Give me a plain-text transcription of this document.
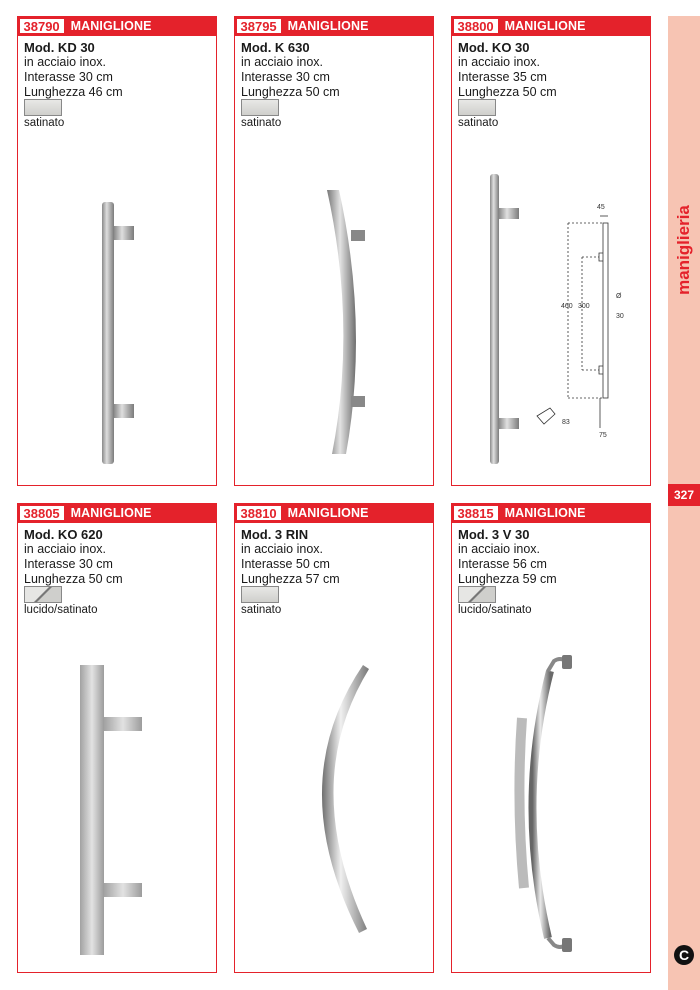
38790 MANIGLIONE
Mod. KD 30
in acciaio inox.
Interasse 30 cm
Lunghezza 46 cm
satinato
38795 MANIGLIONE
Mod. K 630
in acciaio inox.
Interasse 30 cm
Lunghezza 50 cm
satinato
38800 MANIGLIONE
Mod. KO 30
in acciaio inox.
Interasse 35 cm
Lunghezza 50 cm
satinato
45
460 300
Ø
30
83
75
38805 MANIGLIONE
Mod. KO 620
in acciaio inox.
Interasse 30 cm
Lunghezza 50 cm
lucido/satinato
38810 MANIGLIONE
Mod. 3 RIN
in acciaio inox.
Interasse 50 cm
Lunghezza 57 cm
satinato
38815 MANIGLIONE
Mod. 3 V 30
in acciaio inox.
Interasse 56 cm
Lunghezza 59 cm
lucido/satinato
maniglieria
327
C
